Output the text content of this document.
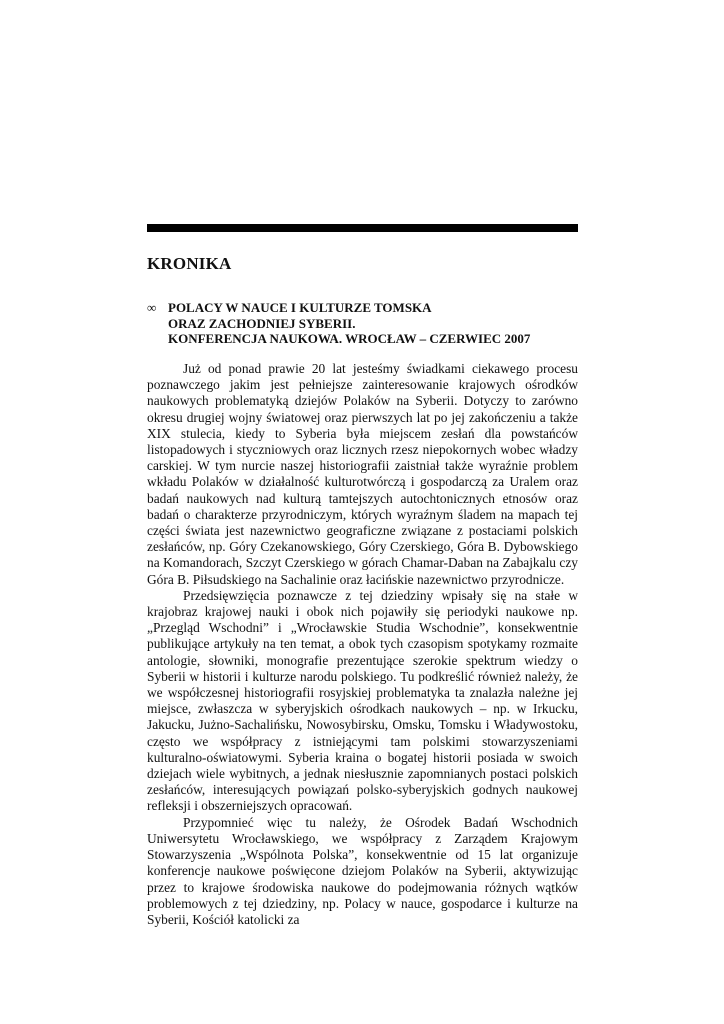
KRONIKA
∞ POLACY W NAUCE I KULTURZE TOMSKA
ORAZ ZACHODNIEJ SYBERII.
KONFERENCJA NAUKOWA. WROCŁAW – CZERWIEC 2007

Już od ponad prawie 20 lat jesteśmy świadkami ciekawego procesu poznawczego jakim jest pełniejsze zainteresowanie krajowych ośrodków naukowych problematyką dziejów Polaków na Syberii. Dotyczy to zarówno okresu drugiej wojny światowej oraz pierwszych lat po jej zakończeniu a także XIX stulecia, kiedy to Syberia była miejscem zesłań dla powstańców listopadowych i styczniowych oraz licznych rzesz niepokornych wobec władzy carskiej. W tym nurcie naszej historiografii zaistniał także wyraźnie problem wkładu Polaków w działalność kulturotwórczą i gospodarczą za Uralem oraz badań naukowych nad kulturą tamtejszych autochtonicznych etnosów oraz badań o charakterze przyrodniczym, których wyraźnym śladem na mapach tej części świata jest nazewnictwo geograficzne związane z postaciami polskich zesłańców, np. Góry Czekanowskiego, Góry Czerskiego, Góra B. Dybowskiego na Komandorach, Szczyt Czerskiego w górach Chamar-Daban na Zabajkalu czy Góra B. Piłsudskiego na Sachalinie oraz łacińskie nazewnictwo przyrodnicze.

Przedsięwzięcia poznawcze z tej dziedziny wpisały się na stałe w krajobraz krajowej nauki i obok nich pojawiły się periodyki naukowe np. „Przegląd Wschodni” i „Wrocławskie Studia Wschodnie”, konsekwentnie publikujące artykuły na ten temat, a obok tych czasopism spotykamy rozmaite antologie, słowniki, monografie prezentujące szerokie spektrum wiedzy o Syberii w historii i kulturze narodu polskiego. Tu podkreślić również należy, że we współczesnej historiografii rosyjskiej problematyka ta znalazła należne jej miejsce, zwłaszcza w syberyjskich ośrodkach naukowych – np. w Irkucku, Jakucku, Jużno-Sachalińsku, Nowosybirsku, Omsku, Tomsku i Władywostoku, często we współpracy z istniejącymi tam polskimi stowarzyszeniami kulturalno-oświatowymi. Syberia kraina o bogatej historii posiada w swoich dziejach wiele wybitnych, a jednak niesłusznie zapomnianych postaci polskich zesłańców, interesujących powiązań polsko-syberyjskich godnych naukowej refleksji i obszerniejszych opracowań.

Przypomnieć więc tu należy, że Ośrodek Badań Wschodnich Uniwersytetu Wrocławskiego, we współpracy z Zarządem Krajowym Stowarzyszenia „Wspólnota Polska”, konsekwentnie od 15 lat organizuje konferencje naukowe poświęcone dziejom Polaków na Syberii, aktywizując przez to krajowe środowiska naukowe do podejmowania różnych wątków problemowych z tej dziedziny, np. Polacy w nauce, gospodarce i kulturze na Syberii, Kościół katolicki za
